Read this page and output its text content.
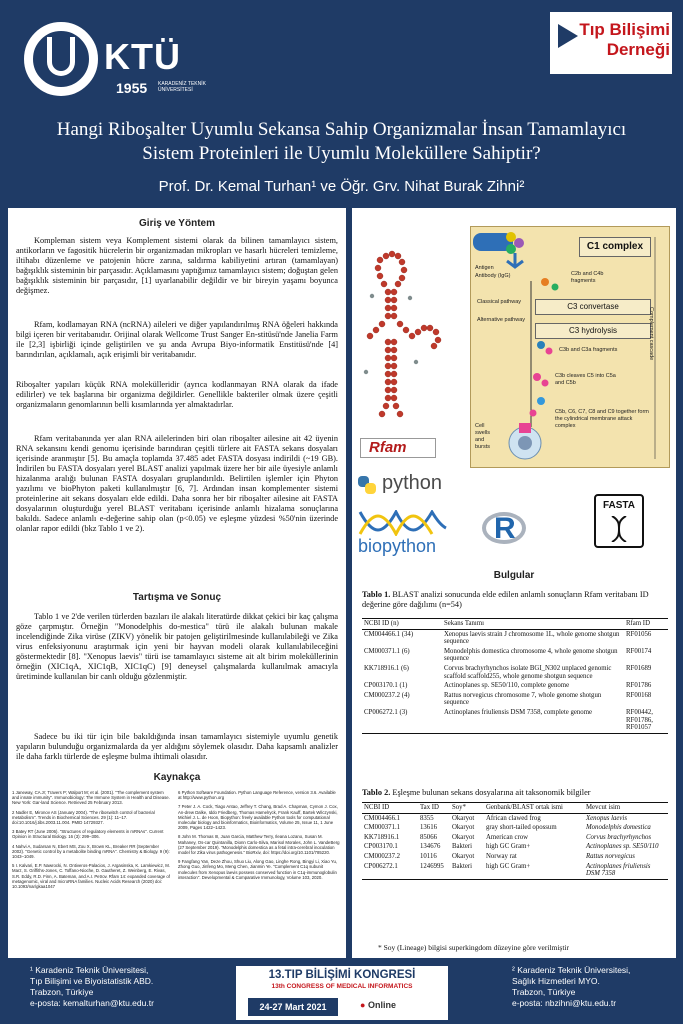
KTÜ
1955 KARADENİZ TEKNİK ÜNİVERSİTESİ
Tıp Bilişimi Derneği
Hangi Riboşalter Uyumlu Sekansa Sahip Organizmalar İnsan Tamamlayıcı Sistem Proteinleri ile Uyumlu Moleküllere Sahiptir?
Prof. Dr. Kemal Turhan¹ ve Öğr. Grv. Nihat Burak Zihni²
Giriş ve Yöntem

Kompleman sistem veya Komplement sistemi olarak da bilinen tamamlayıcı sistem, antikorların ve fagositik hücrelerin bir organizmadan mikropları ve hasarlı hücreleri temizleme, iltihabı düzenleme ve patojenin hücre zarına, saldırma kabiliyetini artıran (tamamlayan) bağışıklık sisteminin bir parçasıdır. Açıklamasını yaptığımız tamamlayıcı sistem; doğuştan gelen bağışıklık sisteminin bir parçasıdır, [1] uyarlanabilir değildir ve bir bireyin yaşamı boyunca değişmez.

Rfam, kodlamayan RNA (ncRNA) aileleri ve diğer yapılandırılmış RNA öğeleri hakkında bilgi içeren bir veritabanıdır. Orijinal olarak Wellcome Trust Sanger En-stitüsü'nde Janelia Farm ile [2,3] işbirliği içinde geliştirilen ve şu anda Avrupa Biyo-informatik Enstitüsü'nde [4] barındırılan, açıklamalı, açık erişimli bir veritabanıdır.

Riboşalter yapıları küçük RNA molekülleridir (ayrıca kodlanmayan RNA olarak da ifade edilirler) ve tek başlarına bir organizma değildirler. Genellikle bakteriler olmak üzere çeşitli organizmaların genomlarının belli kısımlarında yer almaktadırlar.

Rfam veritabanında yer alan RNA ailelerinden biri olan riboşalter ailesine ait 42 üyenin RNA sekansını kendi genomu içerisinde barındıran çeşitli türlere ait FASTA sekans dosyaları içerisinde aranmıştır [5]. Bu amaçla toplamda 37.485 adet FASTA dosyası indirildi (~19 GB). İndirilen bu FASTA dosyaları yerel BLAST analizi yapılmak üzere her bir aile üyesiyle anlamlı hizalanma aralığı bulunan FASTA dosyaları gruplandırıldı. Belirtilen işlemler için Phyton yazılımı ve bioPhyton paketi kullanılmıştır [6, 7]. Ardından insan komplementer sistemi proteinlerine ait sekans dosyaları elde edildi. Daha sonra her bir riboşalter ailesine ait FASTA dosyalarının oluşturduğu yerel BLAST veritabanı içerisinde anlamlı hizalama sonuçlarına bakıldı. Sadece anlamlı e-değerine sahip olan (p<0.05) ve eşleşme yüzdesi %50'nin üzerinde olanlar rapor edildi (bkz Tablo 1 ve 2).

Tartışma ve Sonuç

Tablo 1 ve 2'de verilen türlerden bazıları ile alakalı literatürde dikkat çekici bir kaç çalışma göze çarpmıştır. Örneğin "Monodelphis do-mestica" türü ile alakalı bulunan makale incelendiğinde Zika virüse (ZIKV) yönelik bir patojen geliştirilmesinde kullanılabileği ve Zika virus enfeksiyonunu araştırmak için yeni bir hayvan modeli olarak kullanılabileceğini göstermektedir [8]. "Xenopus laevis" türü ise tamamlayıcı sisteme ait alt birim moleküllerinin örneğin (XIC1qA, XIC1qB, XIC1qC) [9] deneysel çalışmalarda kullanılmak amacıyla üretiminde kullanılan bir canlı olduğu gözlenmiştir.

Sadece bu iki tür için bile bakıldığında insan tamamlayıcı sistemiyle uyumlu genetik yapıların bulunduğu organizmalarda da yer aldığını söylemek olasıdır. Daha kapsamlı analizler ile daha farklı türlerde de eşleşme bulma ihtimali olasıdır.

Kaynakça

1 Janeway, CA Jr; Travers P; Walport M; et al. (2001). "The complement system and innate immunity". Immunobiology: The Immune System in Health and Disease. New York: Gar-land Science. Retrieved 25 February 2013.

2 Nadler E, Mironov AS (January 2004). "The riboswitch control of bacterial metabolism". Trends in Biochemical Sciences. 29 (1): 11–17. doi:10.1016/j.tibs.2003.11.004. PMID 14729327.

3 Batey RT (June 2006). "Structures of regulatory elements in mRNAs". Current Opinion in Structural Biology. 16 (3): 299–306.

4 Nahvi A, Sudarsan N, Ebert MS, Zou X, Brown KL, Breaker RR (September 2002). "Genetic control by a metabolite binding mRNA". Chemistry & Biology. 9 (9): 1043–1049.

5 I. Kalvari, E.P. Nawrocki, N. Ontiveros-Palacios, J. Argasinska, K. Lamkiewicz, M. Marz, S. Griffiths-Jones, C. Toffano-Nioche, D. Gautheret, Z. Weinberg, E. Rivas, S.R. Eddy, R.D. Finn, A. Bateman, and A.I. Petrov. Rfam 14: expanded coverage of metagenomic, viral and microRNA families. Nucleic Acids Research (2020) doi: 10.1093/nar/gkaa1047

6 Python Software Foundation. Python Language Reference, version 3.6. Available at http://www.python.org

7 Peter J. A. Cock, Tiago Antao, Jeffrey T. Chang, Brad A. Chapman, Cymon J. Cox, An-drew Dalke, Iddo Friedberg, Thomas Hamelryck, Frank Kauff, Bartek Wilczynski, Michiel J. L. de Hoon, Biopython: freely available Python tools for computational molecular biology and bioinformatics, Bioinformatics, Volume 25, Issue 11, 1 June 2009, Pages 1422–1423.

8 John M. Thomas III, Juan Garcia, Matthew Terry, Ileana Lozano, Susan M. Mahaney, Os-car Quintanilla, Dionn Carlo-Silva, Marisol Morales, John L. VandeBerg (27 September 2019). "Monodelphis domestica as a fetal intra-cerebral inoculation model for Zika virus pathogenesis." BioRxiv, doi: https://doi.org/10.1101/785220.

9 Fangfang Yan, Deze Zhou, Shuo Liu, Along Gao, Linghe Rong, Bingyi Li, Xiao Yu, Zhong Guo, Jinfeng Mo, Meng Chen, Jianmin Ye. "Complement C1q subunit molecules from Xenopus laevis possess conserved function in C1q-immunoglobulin interaction". Developmental & Comparative Immunology, Volume 103, 2020.

C1 complex
Antigen
Antibody (IgG)	C2b and C4b fragments
Classical pathway	C3 convertase
Alternative pathway
C3 hydrolysis
C3b and C3a fragments
C3b cleaves C5 into C5a and C5b
C5b, C6, C7, C8 and C9 together form the cylindrical membrane attack complex
Cell swells and bursts
Complement cascade
Rfam
python
biopython
R
FASTA
Bulgular
Tablo 1. BLAST analizi sonucunda elde edilen anlamlı sonuçların Rfam veritabanı ID değerine göre dağılımı (n=54)
NCBI ID (n)	Sekans Tanımı	Rfam ID
CM004466.1 (34)	Xenopus laevis strain J chromosome 1L, whole genome shotgun sequence	RF01056
CM000371.1 (6)	Monodelphis domestica chromosome 4, whole genome shotgun sequence	RF00174
KK718916.1 (6)	Corvus brachyrhynchos isolate BGI_N302 unplaced genomic scaffold scaffold255, whole genome shotgun sequence	RF01689
CP003170.1 (1)	Actinoplanes sp. SE50/110, complete genome	RF01786
CM000237.2 (4)	Rattus norvegicus chromosome 7, whole genome shotgun sequence	RF00168
CP006272.1 (3)	Actinoplanes friuliensis DSM 7358, complete genome	RF00442, RF01786, RF01057
Tablo 2. Eşleşme bulunan sekans dosyalarına ait taksonomik bilgiler
NCBI ID	Tax ID	Soy*	Genbank/BLAST ortak ismi	Mevcut isim
CM004466.1	8355	Okaryot	African clawed frog	Xenopus laevis
CM000371.1	13616	Okaryot	gray short-tailed opossum	Monodelphis domestica
KK718916.1	85066	Okaryot	American crow	Corvus brachyrhynchos
CP003170.1	134676	Bakteri	high GC Gram+	Actinoplanes sp. SE50/110
CM000237.2	10116	Okaryot	Norway rat	Rattus norvegicus
CP006272.1	1246995	Bakteri	high GC Gram+	Actinoplanes friuliensis DSM 7358
* Soy (Lineage) bilgisi superkingdom düzeyine göre verilmiştir
¹ Karadeniz Teknik Üniversitesi,
Tıp Bilişimi ve Biyoistatistik ABD.
Trabzon, Türkiye
e-posta: kemalturhan@ktu.edu.tr
13.TIP BİLİŞİMİ KONGRESİ
13th CONGRESS OF MEDICAL INFORMATICS
24-27 Mart 2021	● Online
² Karadeniz Teknik Üniversitesi,
Sağlık Hizmetleri MYO.
Trabzon, Türkiye
e-posta: nbzihni@ktu.edu.tr
